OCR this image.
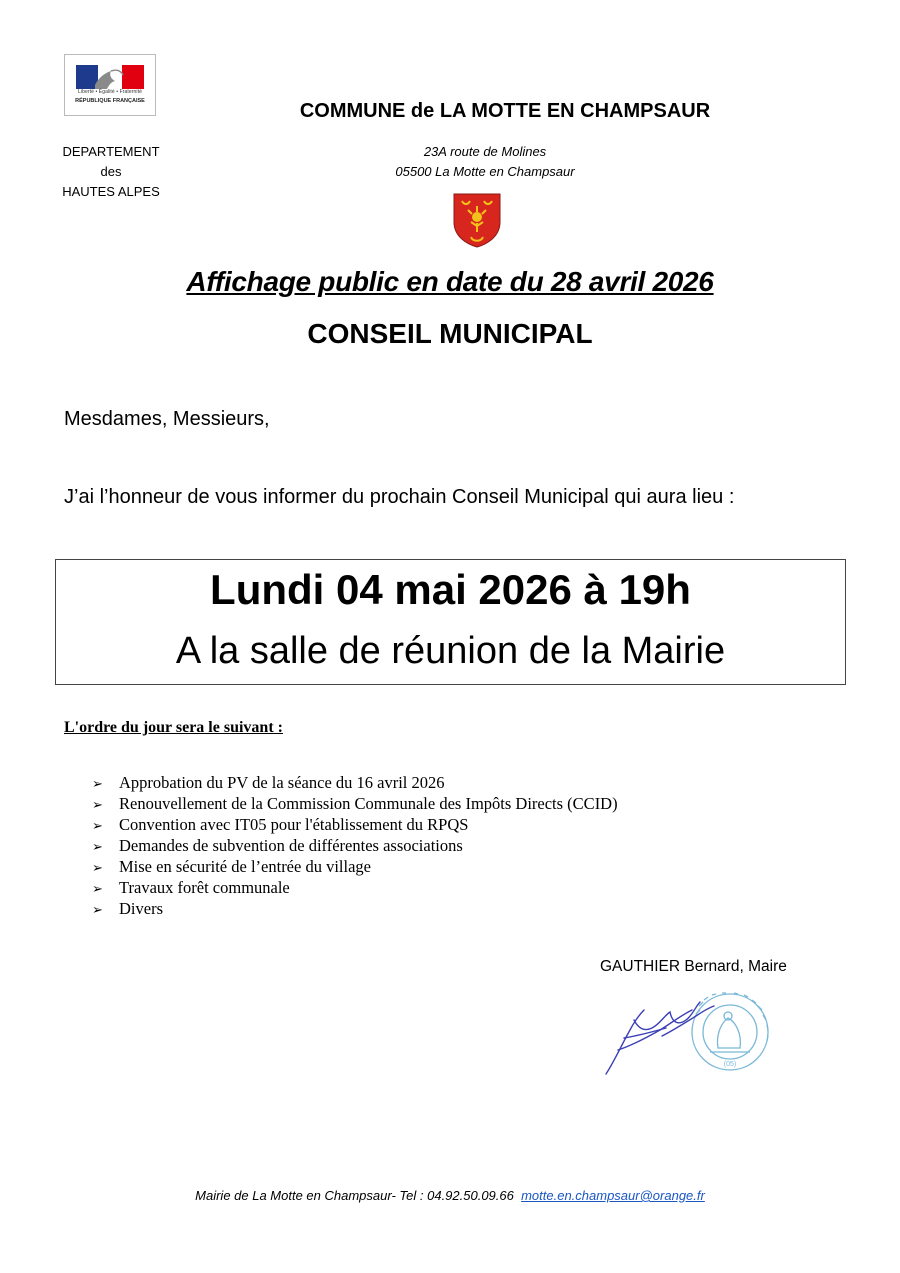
Liberté • Égalité • Fraternité
RÉPUBLIQUE FRANÇAISE	COMMUNE de LA MOTTE EN CHAMPSAUR
DEPARTEMENT
des
HAUTES ALPES
23A route de Molines
05500 La Motte en Champsaur
Affichage public en date du 28 avril 2026
CONSEIL MUNICIPAL
Mesdames, Messieurs,
J’ai l’honneur de vous informer du prochain Conseil Municipal qui aura lieu :
Lundi 04 mai 2026 à 19h
A la salle de réunion de la Mairie
L'ordre du jour sera le suivant :
➢ Approbation du PV de la séance du 16 avril 2026
➢ Renouvellement de la Commission Communale des Impôts Directs (CCID)
➢ Convention avec IT05 pour l'établissement du RPQS
➢ Demandes de subvention de différentes associations
➢ Mise en sécurité de l’entrée du village
➢ Travaux forêt communale
➢ Divers
GAUTHIER Bernard, Maire
(05)
Mairie de La Motte en Champsaur- Tel : 04.92.50.09.66 motte.en.champsaur@orange.fr
